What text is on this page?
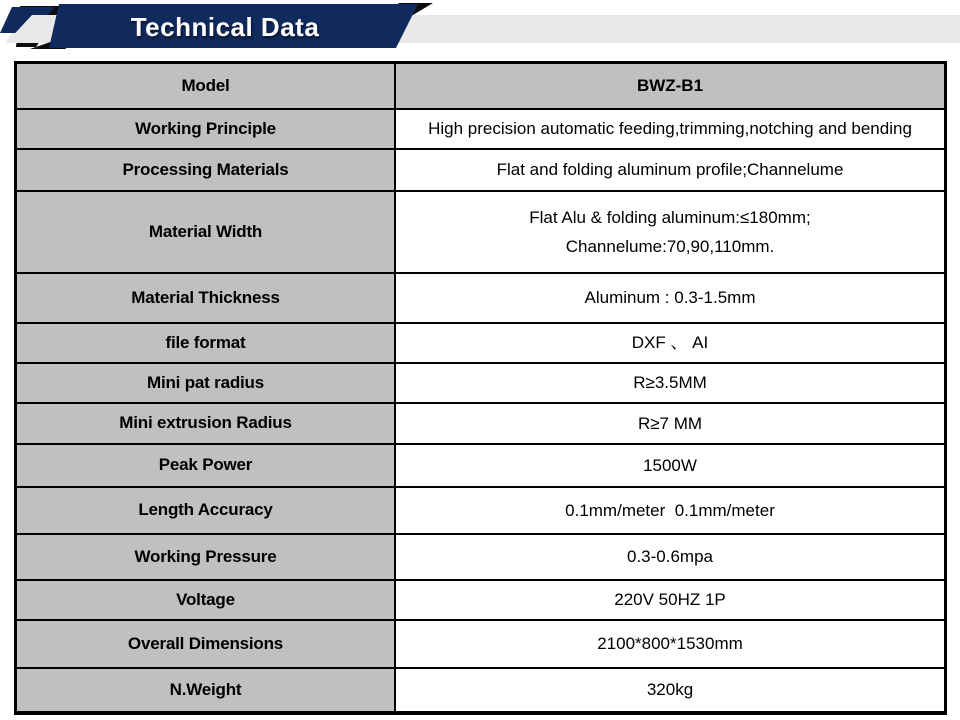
Technical Data
Model	BWZ-B1

Working Principle	High precision automatic feeding,trimming,notching and bending

Processing Materials	Flat and folding aluminum profile;Channelume

Material Width	Flat Alu & folding aluminum:≤180mm;
Channelume:70,90,110mm.

Material Thickness	Aluminum : 0.3-1.5mm

file format	DXF 、 AI

Mini pat radius	R≥3.5MM

Mini extrusion Radius	R≥7 MM

Peak Power	1500W

Length Accuracy	0.1mm/meter  0.1mm/meter

Working Pressure	0.3-0.6mpa

Voltage	220V 50HZ 1P

Overall Dimensions	2100*800*1530mm

N.Weight	320kg
